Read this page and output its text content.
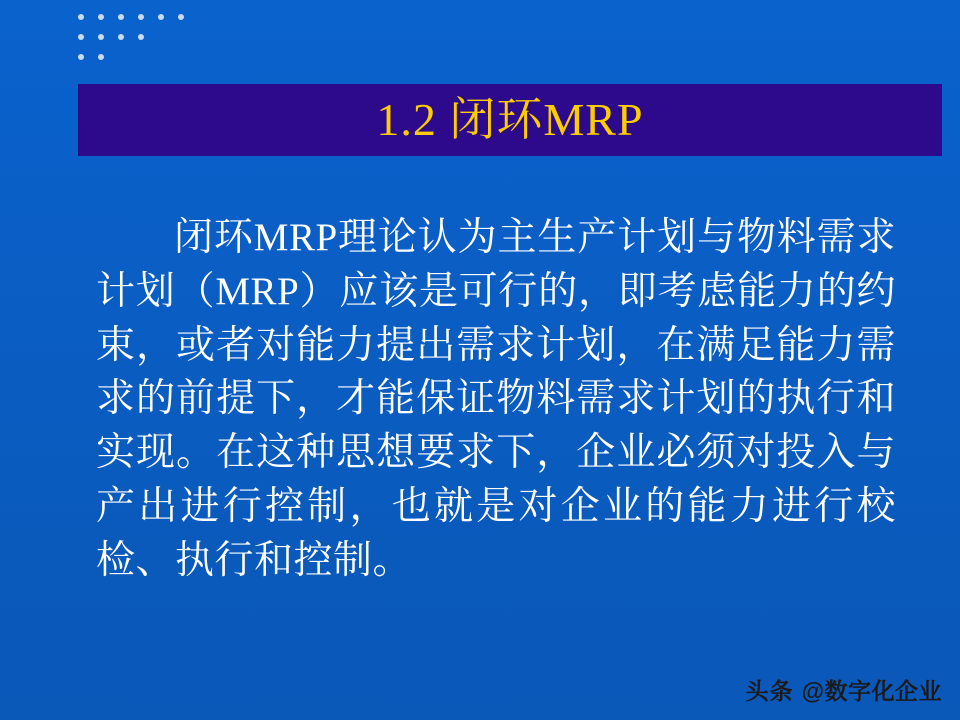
1.2 闭环MRP

闭环MRP理论认为主生产计划与物料需求计划（MRP）应该是可行的，即考虑能力的约束，或者对能力提出需求计划，在满足能力需求的前提下，才能保证物料需求计划的执行和实现。在这种思想要求下，企业必须对投入与产出进行控制，也就是对企业的能力进行校检、执行和控制。

头条 @数字化企业
